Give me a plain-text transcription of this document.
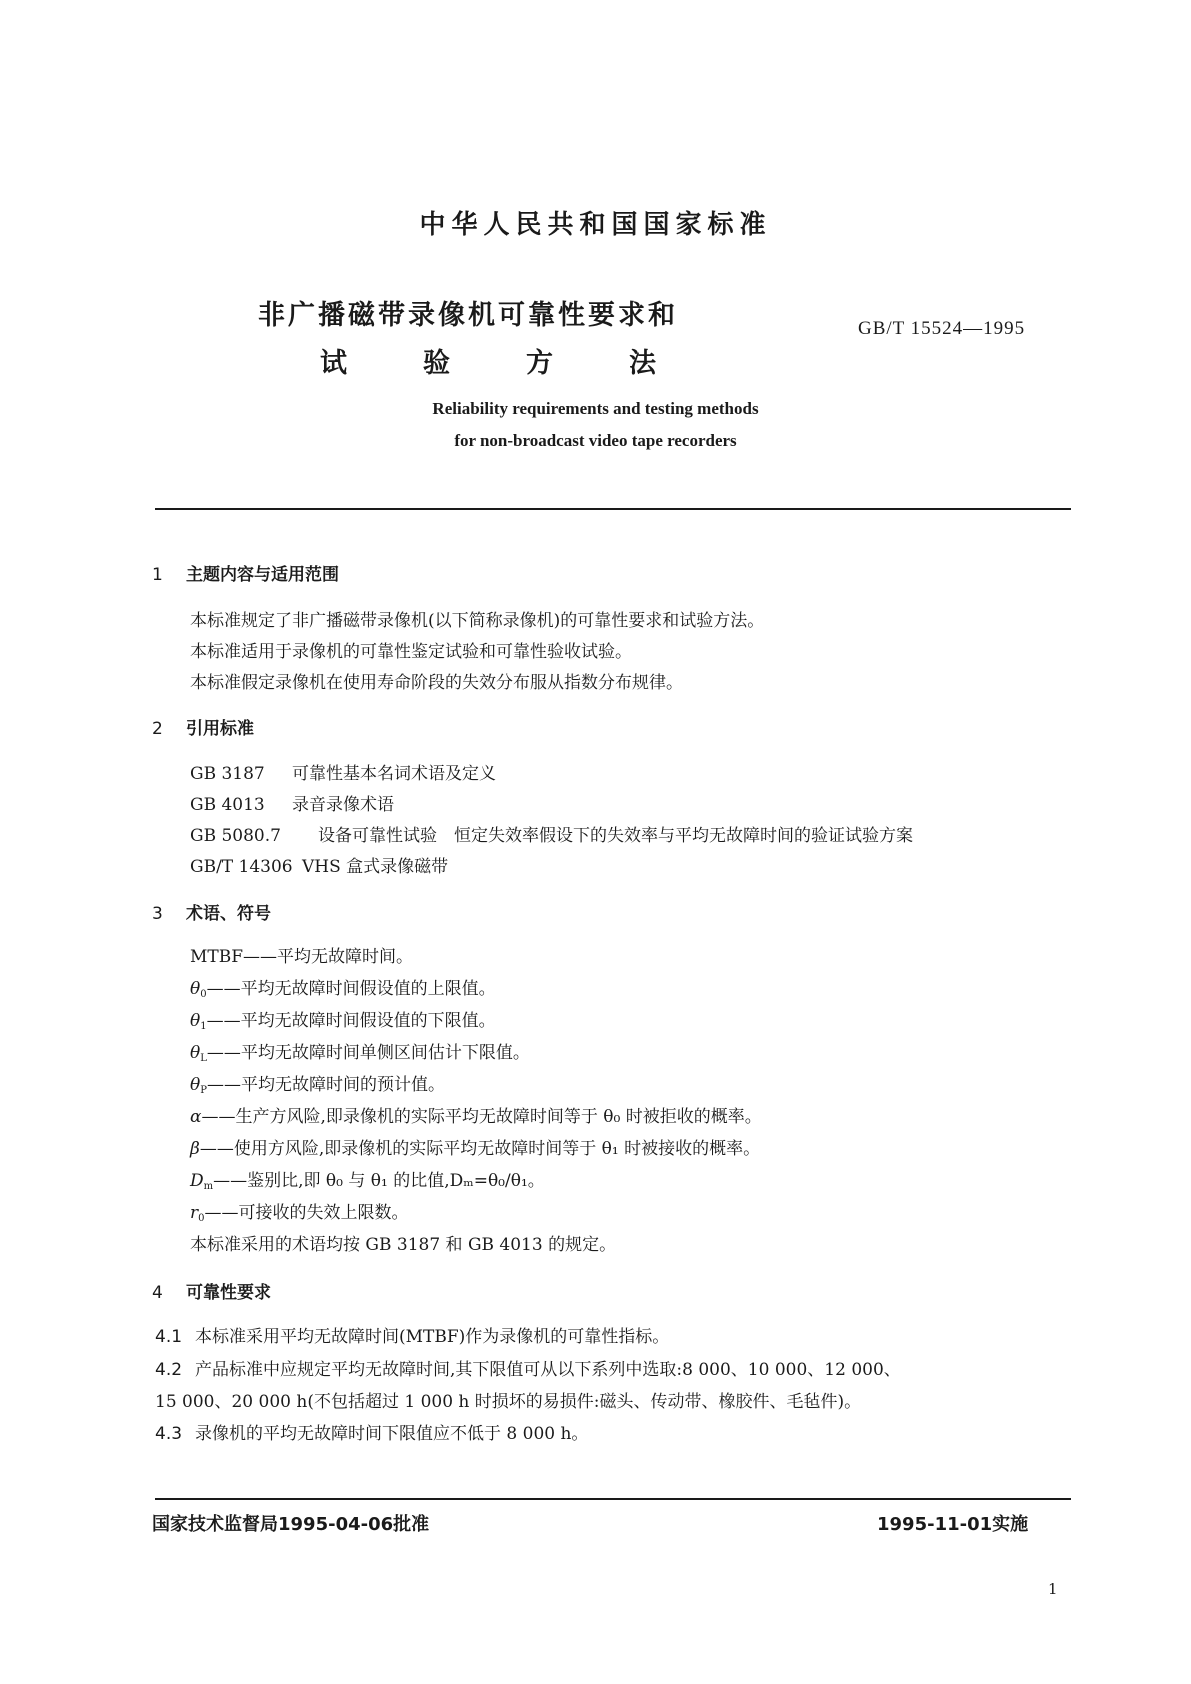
中华人民共和国国家标准
非广播磁带录像机可靠性要求和
试验方法
GB/T 15524—1995
Reliability requirements and testing methods
for non-broadcast video tape recorders
1 主题内容与适用范围
本标准规定了非广播磁带录像机(以下简称录像机)的可靠性要求和试验方法。
本标准适用于录像机的可靠性鉴定试验和可靠性验收试验。
本标准假定录像机在使用寿命阶段的失效分布服从指数分布规律。
2 引用标准
GB 3187 可靠性基本名词术语及定义
GB 4013 录音录像术语
GB 5080.7 设备可靠性试验　恒定失效率假设下的失效率与平均无故障时间的验证试验方案
GB/T 14306 VHS 盒式录像磁带
3 术语、符号
MTBF——平均无故障时间。
$\theta_0——$平均无故障时间假设值的上限值。
$\theta_1——$平均无故障时间假设值的下限值。
$\theta_L——$平均无故障时间单侧区间估计下限值。
$\theta_P——$平均无故障时间的预计值。
α——生产方风险,即录像机的实际平均无故障时间等于 θ₀ 时被拒收的概率。
β——使用方风险,即录像机的实际平均无故障时间等于 θ₁ 时被接收的概率。
$D_m——$鉴别比,即 θ₀ 与 θ₁ 的比值,Dₘ=θ₀/θ₁。
$r_0——$可接收的失效上限数。
本标准采用的术语均按 GB 3187 和 GB 4013 的规定。
4 可靠性要求
4.1 本标准采用平均无故障时间(MTBF)作为录像机的可靠性指标。
4.2 产品标准中应规定平均无故障时间,其下限值可从以下系列中选取:8 000、10 000、12 000、
15 000、20 000 h(不包括超过 1 000 h 时损坏的易损件:磁头、传动带、橡胶件、毛毡件)。
4.3 录像机的平均无故障时间下限值应不低于 8 000 h。
国家技术监督局1995-04-06批准	1995-11-01实施
1
